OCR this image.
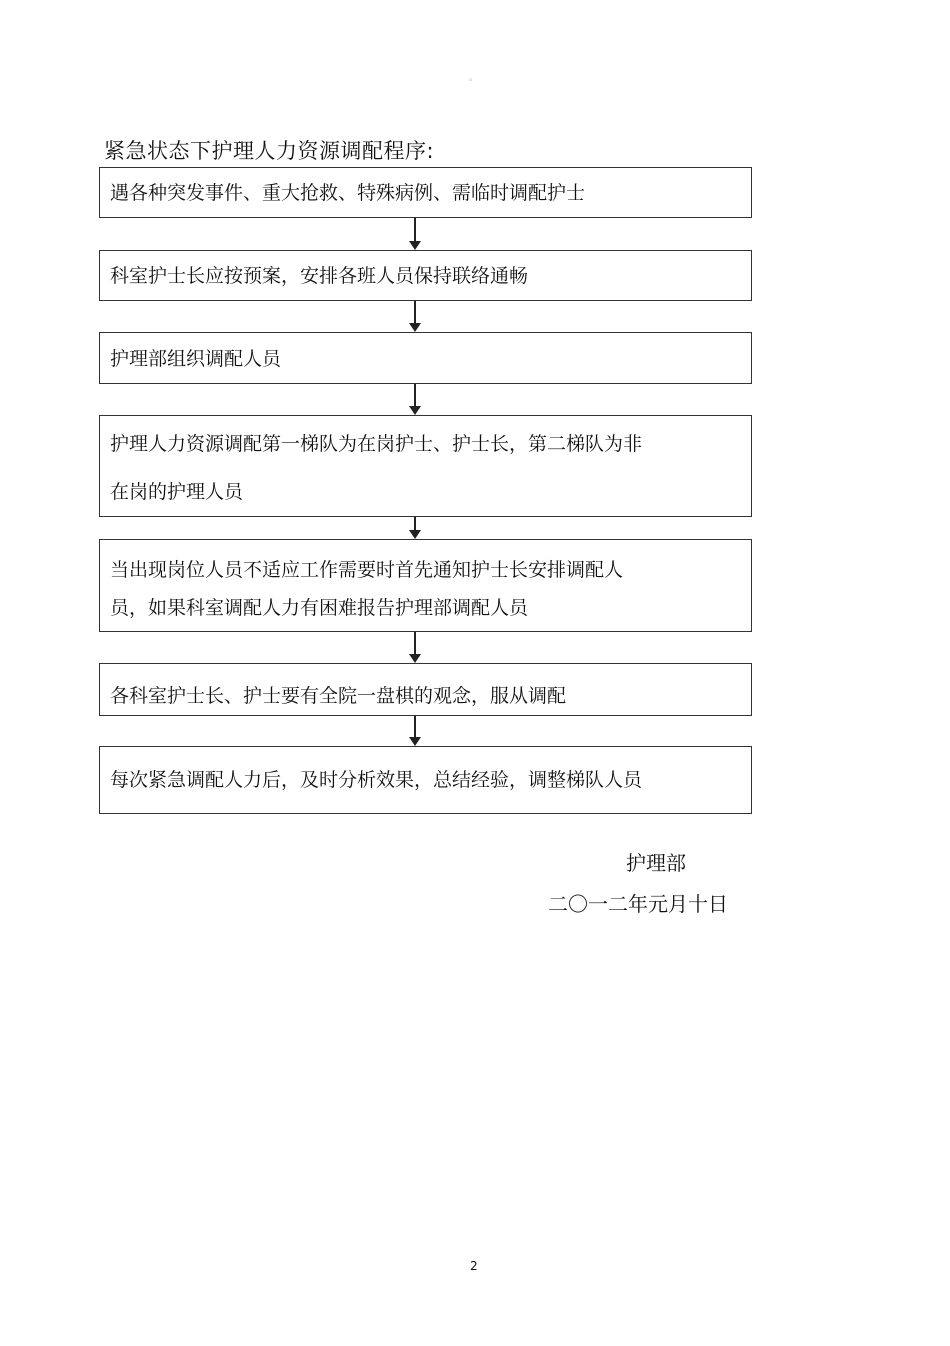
。
紧急状态下护理人力资源调配程序:
遇各种突发事件、重大抢救、特殊病例、需临时调配护士
科室护士长应按预案，安排各班人员保持联络通畅
护理部组织调配人员
护理人力资源调配第一梯队为在岗护士、护士长，第二梯队为非
在岗的护理人员
当出现岗位人员不适应工作需要时首先通知护士长安排调配人
员，如果科室调配人力有困难报告护理部调配人员
各科室护士长、护士要有全院一盘棋的观念，服从调配
每次紧急调配人力后，及时分析效果，总结经验，调整梯队人员
护理部
二〇一二年元月十日
2
